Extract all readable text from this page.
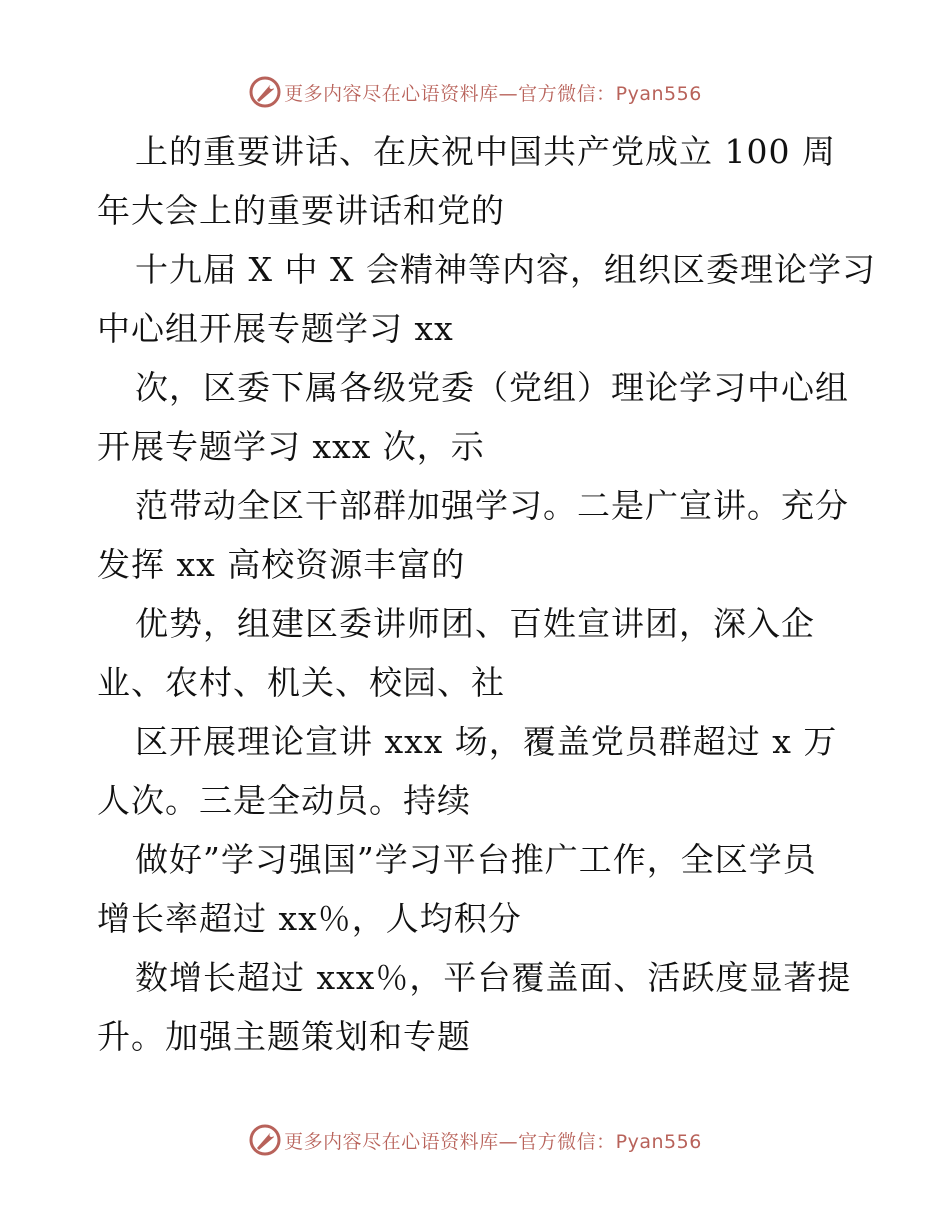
更多内容尽在心语资料库—官方微信：Pyan556
上的重要讲话、在庆祝中国共产党成立 100 周
年大会上的重要讲话和党的
十九届 X 中 X 会精神等内容，组织区委理论学习
中心组开展专题学习 xx
次，区委下属各级党委（党组）理论学习中心组
开展专题学习 xxx 次，示
范带动全区干部群加强学习。二是广宣讲。充分
发挥 xx 高校资源丰富的
优势，组建区委讲师团、百姓宣讲团，深入企
业、农村、机关、校园、社
区开展理论宣讲 xxx 场，覆盖党员群超过 x 万
人次。三是全动员。持续
做好”学习强国”学习平台推广工作，全区学员
增长率超过 xx％，人均积分
数增长超过 xxx％，平台覆盖面、活跃度显著提
升。加强主题策划和专题
更多内容尽在心语资料库—官方微信：Pyan556
